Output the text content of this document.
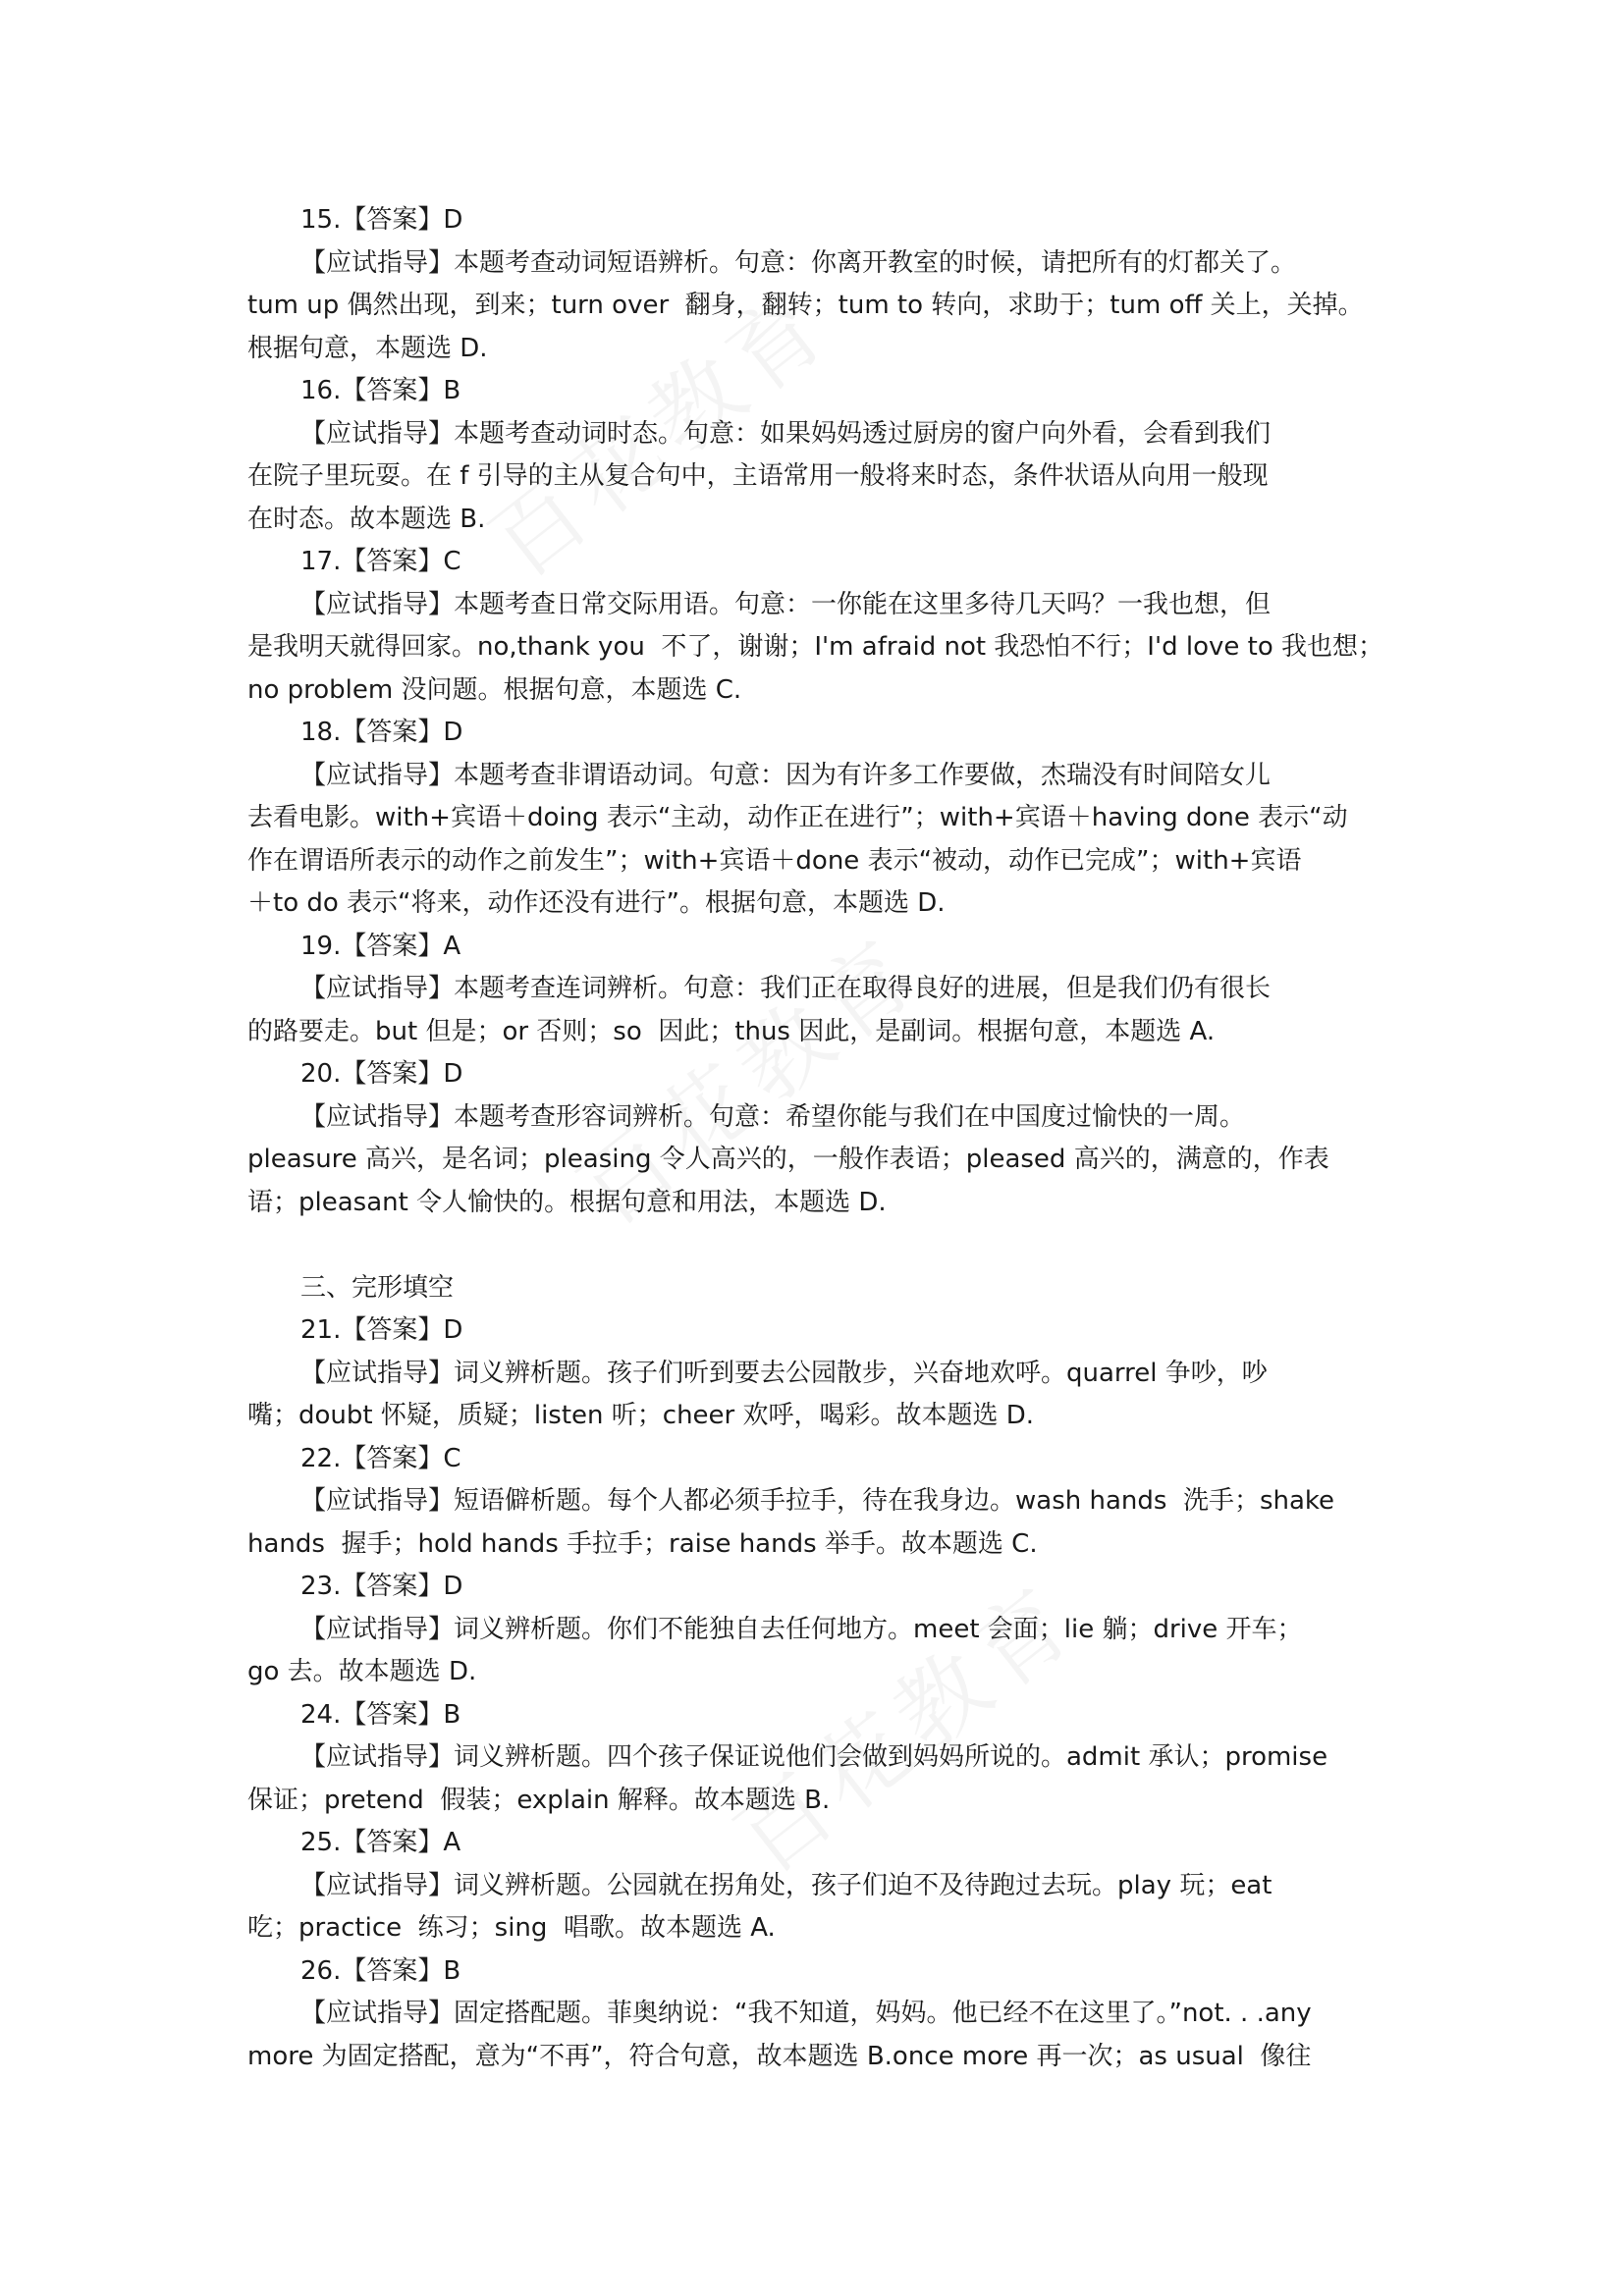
15.【答案】D
【应试指导】本题考查动词短语辨析。句意：你离开教室的时候，请把所有的灯都关了。
tum up 偶然出现，到来；turn over  翻身，翻转；tum to 转向，求助于；tum off 关上，关掉。
根据句意，本题选 D.
16.【答案】B
【应试指导】本题考查动词时态。句意：如果妈妈透过厨房的窗户向外看，会看到我们
在院子里玩耍。在 f 引导的主从复合句中，主语常用一般将来时态，条件状语从向用一般现
在时态。故本题选 B.
17.【答案】C
【应试指导】本题考查日常交际用语。句意：一你能在这里多待几天吗？一我也想，但
是我明天就得回家。no,thank you  不了，谢谢；I'm afraid not 我恐怕不行；I'd love to 我也想；
no problem 没问题。根据句意，本题选 C.
18.【答案】D
【应试指导】本题考查非谓语动词。句意：因为有许多工作要做，杰瑞没有时间陪女儿
去看电影。with+宾语＋doing 表示“主动，动作正在进行”；with+宾语＋having done 表示“动
作在谓语所表示的动作之前发生”；with+宾语＋done 表示“被动，动作已完成”；with+宾语
＋to do 表示“将来，动作还没有进行”。根据句意，本题选 D.
19.【答案】A
【应试指导】本题考查连词辨析。句意：我们正在取得良好的进展，但是我们仍有很长
的路要走。but 但是；or 否则；so  因此；thus 因此，是副词。根据句意，本题选 A.
20.【答案】D
【应试指导】本题考查形容词辨析。句意：希望你能与我们在中国度过愉快的一周。
pleasure 高兴，是名词；pleasing 令人高兴的，一般作表语；pleased 高兴的，满意的，作表
语；pleasant 令人愉快的。根据句意和用法，本题选 D.
三、完形填空
21.【答案】D
【应试指导】词义辨析题。孩子们听到要去公园散步，兴奋地欢呼。quarrel 争吵，吵
嘴；doubt 怀疑，质疑；listen 听；cheer 欢呼，喝彩。故本题选 D.
22.【答案】C
【应试指导】短语僻析题。每个人都必须手拉手，待在我身边。wash hands  洗手；shake
hands  握手；hold hands 手拉手；raise hands 举手。故本题选 C.
23.【答案】D
【应试指导】词义辨析题。你们不能独自去任何地方。meet 会面；lie 躺；drive 开车；
go 去。故本题选 D.
24.【答案】B
【应试指导】词义辨析题。四个孩子保证说他们会做到妈妈所说的。admit 承认；promise
保证；pretend  假装；explain 解释。故本题选 B.
25.【答案】A
【应试指导】词义辨析题。公园就在拐角处，孩子们迫不及待跑过去玩。play 玩；eat
吃；practice  练习；sing  唱歌。故本题选 A.
26.【答案】B
【应试指导】固定搭配题。菲奥纳说：“我不知道，妈妈。他已经不在这里了。”not. . .any
more 为固定搭配，意为“不再”，符合句意，故本题选 B.once more 再一次；as usual  像往
